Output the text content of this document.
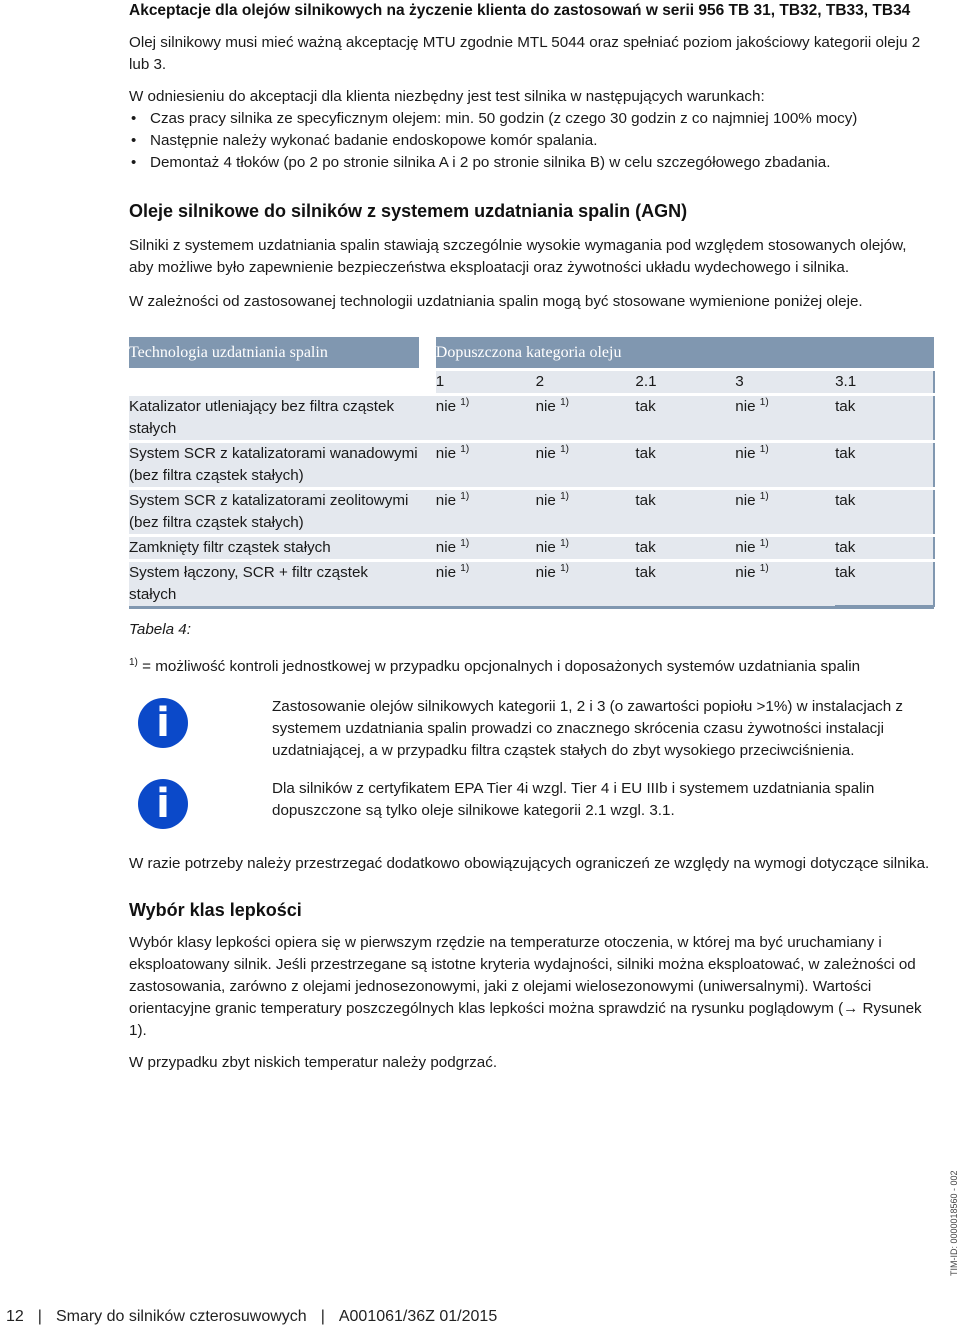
Akceptacje dla olejów silnikowych na życzenie klienta do zastosowań w serii 956 TB 31, TB32, TB33, TB34

Olej silnikowy musi mieć ważną akceptację MTU zgodnie MTL 5044 oraz spełniać poziom jakościowy kategorii oleju 2 lub 3.

W odniesieniu do akceptacji dla klienta niezbędny jest test silnika w następujących warunkach:

• Czas pracy silnika ze specyficznym olejem: min. 50 godzin (z czego 30 godzin z co najmniej 100% mocy)
• Następnie należy wykonać badanie endoskopowe komór spalania.
• Demontaż 4 tłoków (po 2 po stronie silnika A i 2 po stronie silnika B) w celu szczegółowego zbadania.
Oleje silnikowe do silników z systemem uzdatniania spalin (AGN)

Silniki z systemem uzdatniania spalin stawiają szczególnie wysokie wymagania pod względem stosowanych olejów, aby możliwe było zapewnienie bezpieczeństwa eksploatacji oraz żywotności układu wydechowego i silnika.

W zależności od zastosowanej technologii uzdatniania spalin mogą być stosowane wymienione poniżej oleje.

Technologia uzdatniania spalin		Dopuszczona kategoria oleju				

		1	2	2.1	3	3.1

Katalizator utleniający bez filtra cząstek stałych		nie $^{1)}$	nie $^{1)}$	tak	nie $^{1)}$	tak

System SCR z katalizatorami wanadowymi (bez filtra cząstek stałych)		nie $^{1)}$	nie $^{1)}$	tak	nie $^{1)}$	tak

System SCR z katalizatorami zeolitowymi (bez filtra cząstek stałych)		nie $^{1)}$	nie $^{1)}$	tak	nie $^{1)}$	tak

Zamknięty filtr cząstek stałych		nie $^{1)}$	nie $^{1)}$	tak	nie $^{1)}$	tak

System łączony, SCR + filtr cząstek stałych		nie $^{1)}$	nie $^{1)}$	tak	nie $^{1)}$	tak

Tabela 4:

$^{1)}$ = możliwość kontroli jednostkowej w przypadku opcjonalnych i doposażonych systemów uzdatniania spalin

i	Zastosowanie olejów silnikowych kategorii 1, 2 i 3 (o zawartości popiołu >1%) w instalacjach z systemem uzdatniania spalin prowadzi co znacznego skrócenia czasu żywotności instalacji uzdatniającej, a w przypadku filtra cząstek stałych do zbyt wysokiego przeciwciśnienia.

i	Dla silników z certyfikatem EPA Tier 4i wzgl. Tier 4 i EU IIIb i systemem uzdatniania spalin dopuszczone są tylko oleje silnikowe kategorii 2.1 wzgl. 3.1.

W razie potrzeby należy przestrzegać dodatkowo obowiązujących ograniczeń ze względy na wymogi dotyczące silnika.

Wybór klas lepkości

Wybór klasy lepkości opiera się w pierwszym rzędzie na temperaturze otoczenia, w której ma być uruchamiany i eksploatowany silnik. Jeśli przestrzegane są istotne kryteria wydajności, silniki można eksploatować, w zależności od zastosowania, zarówno z olejami jednosezonowymi, jaki z olejami wielosezonowymi (uniwersalnymi). Wartości orientacyjne granic temperatury poszczególnych klas lepkości można sprawdzić na rysunku poglądowym (→ Rysunek 1).

W przypadku zbyt niskich temperatur należy podgrzać.

TIM-ID: 0000018560 - 002
12 | Smary do silników czterosuwowych | A001061/36Z 01/2015
